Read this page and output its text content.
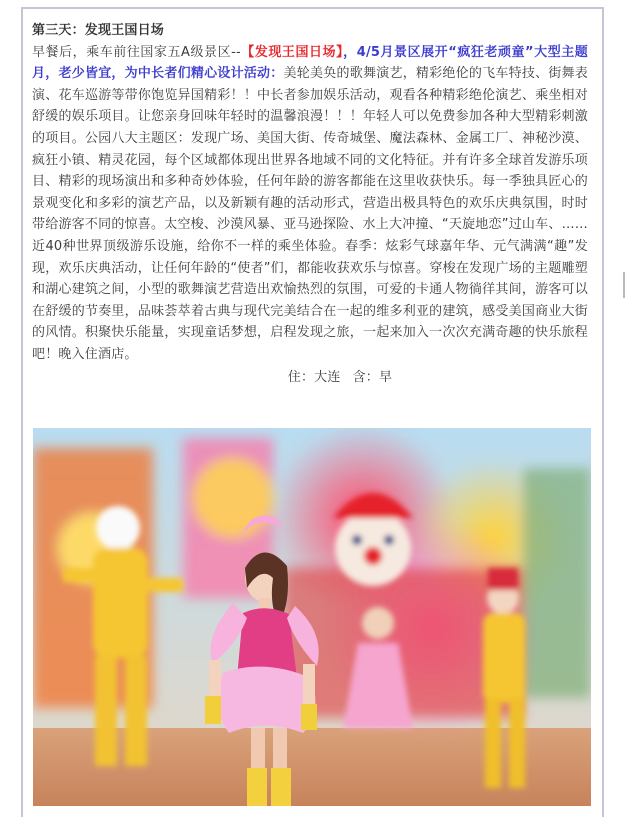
第三天：发现王国日场

早餐后，乘车前往国家五A级景区--【发现王国日场】，4/5月景区展开“疯狂老顽童”大型主题月，老少皆宜，为中长者们精心设计活动：美轮美奂的歌舞演艺，精彩绝伦的飞车特技、街舞表演、花车巡游等带你饱览异国精彩！！中长者参加娱乐活动，观看各种精彩绝伦演艺、乘坐相对舒缓的娱乐项目。让您亲身回味年轻时的温馨浪漫！！！年轻人可以免费参加各种大型精彩刺激的项目。公园八大主题区：发现广场、美国大街、传奇城堡、魔法森林、金属工厂、神秘沙漠、疯狂小镇、精灵花园，每个区域都体现出世界各地域不同的文化特征。并有许多全球首发游乐项目、精彩的现场演出和多种奇妙体验，任何年龄的游客都能在这里收获快乐。每一季独具匠心的景观变化和多彩的演艺产品，以及新颖有趣的活动形式，营造出极具特色的欢乐庆典氛围，时时带给游客不同的惊喜。太空梭、沙漠风暴、亚马逊探险、水上大冲撞、“天旋地恋”过山车、……近40种世界顶级游乐设施，给你不一样的乘坐体验。春季：炫彩气球嘉年华、元气满满“趣”发现，欢乐庆典活动，让任何年龄的“使者”们，都能收获欢乐与惊喜。穿梭在发现广场的主题雕塑和湖心建筑之间，小型的歌舞演艺营造出欢愉热烈的氛围，可爱的卡通人物徜徉其间，游客可以在舒缓的节奏里，品味荟萃着古典与现代完美结合在一起的维多利亚的建筑，感受美国商业大街的风情。积聚快乐能量，实现童话梦想，启程发现之旅，一起来加入一次次充满奇趣的快乐旅程吧！晚入住酒店。

住：大连 含：早
